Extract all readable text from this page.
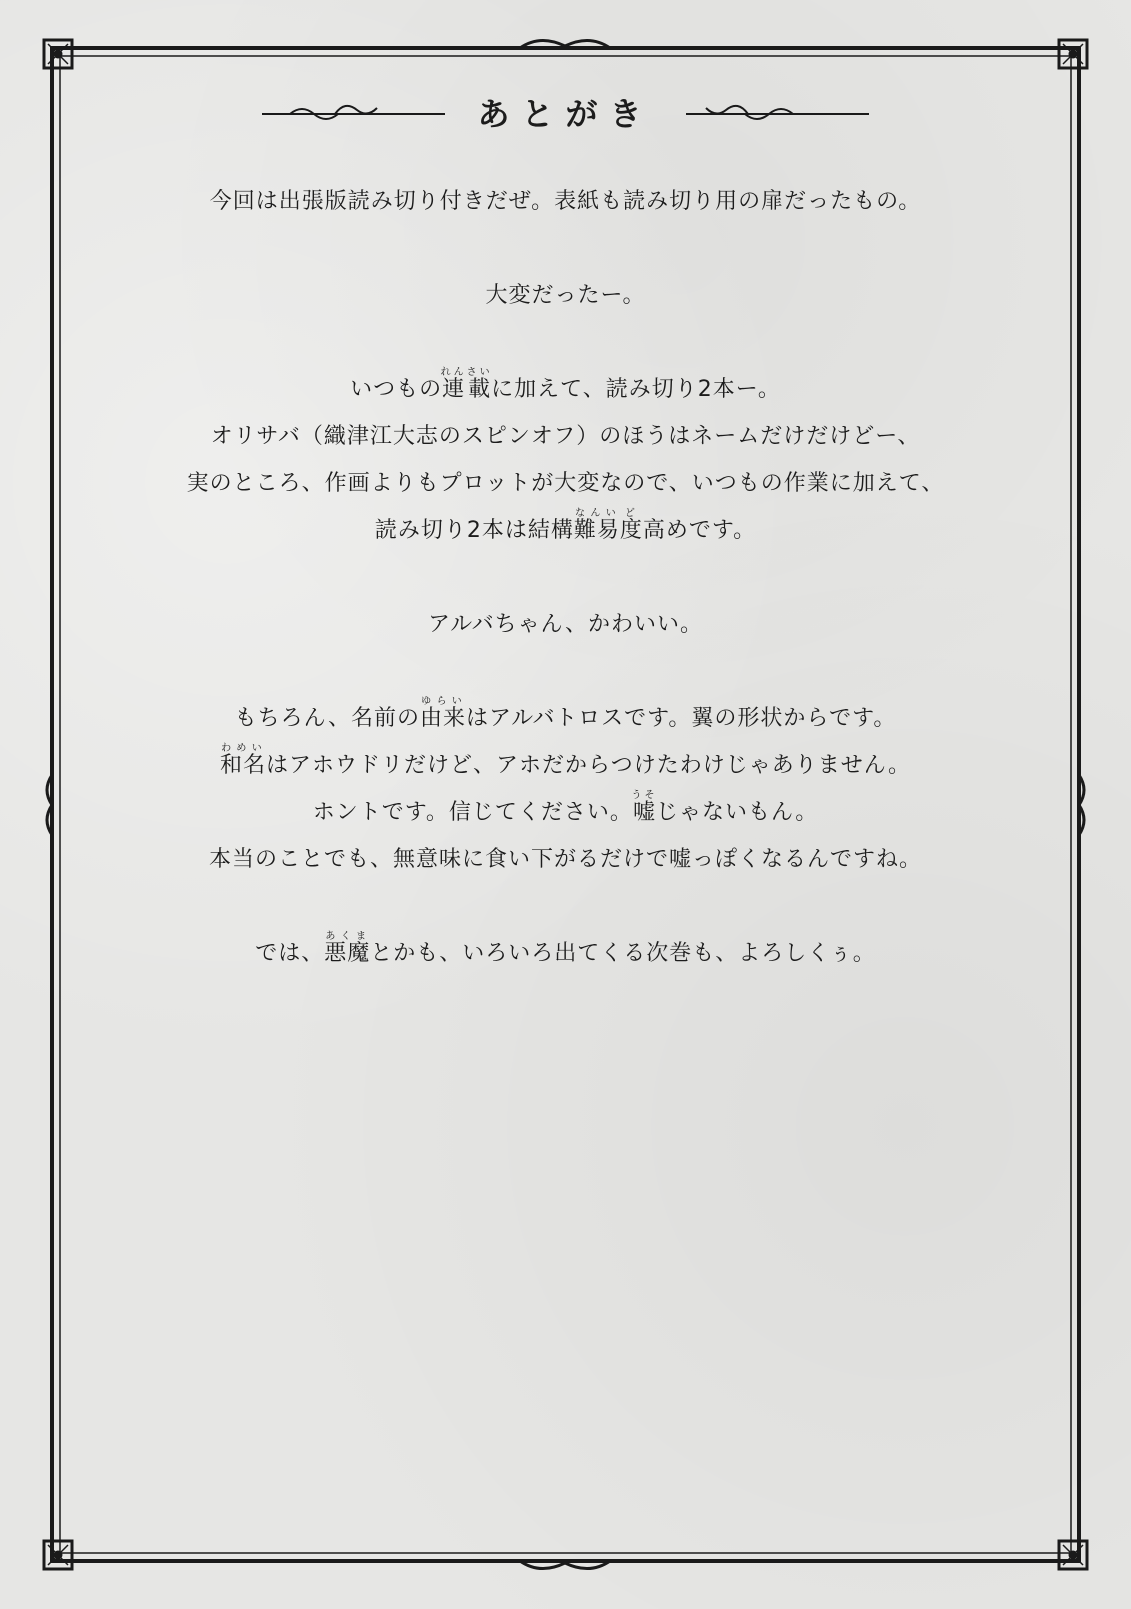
あとがき
今回は出張版読み切り付きだぜ。表紙も読み切り用の扉だったもの。
大変だったー。
いつもの連載れんさいに加えて、読み切り2本ー。
オリサバ（織津江大志のスピンオフ）のほうはネームだけだけどー、
実のところ、作画よりもプロットが大変なので、いつもの作業に加えて、
読み切り2本は結構難易なんい度ど高めです。
アルバちゃん、かわいい。
もちろん、名前の由来ゆらいはアルバトロスです。翼の形状からです。
和名わめいはアホウドリだけど、アホだからつけたわけじゃありません。
ホントです。信じてください。嘘うそじゃないもん。
本当のことでも、無意味に食い下がるだけで嘘っぽくなるんですね。
では、悪魔あくまとかも、いろいろ出てくる次巻も、よろしくぅ。
